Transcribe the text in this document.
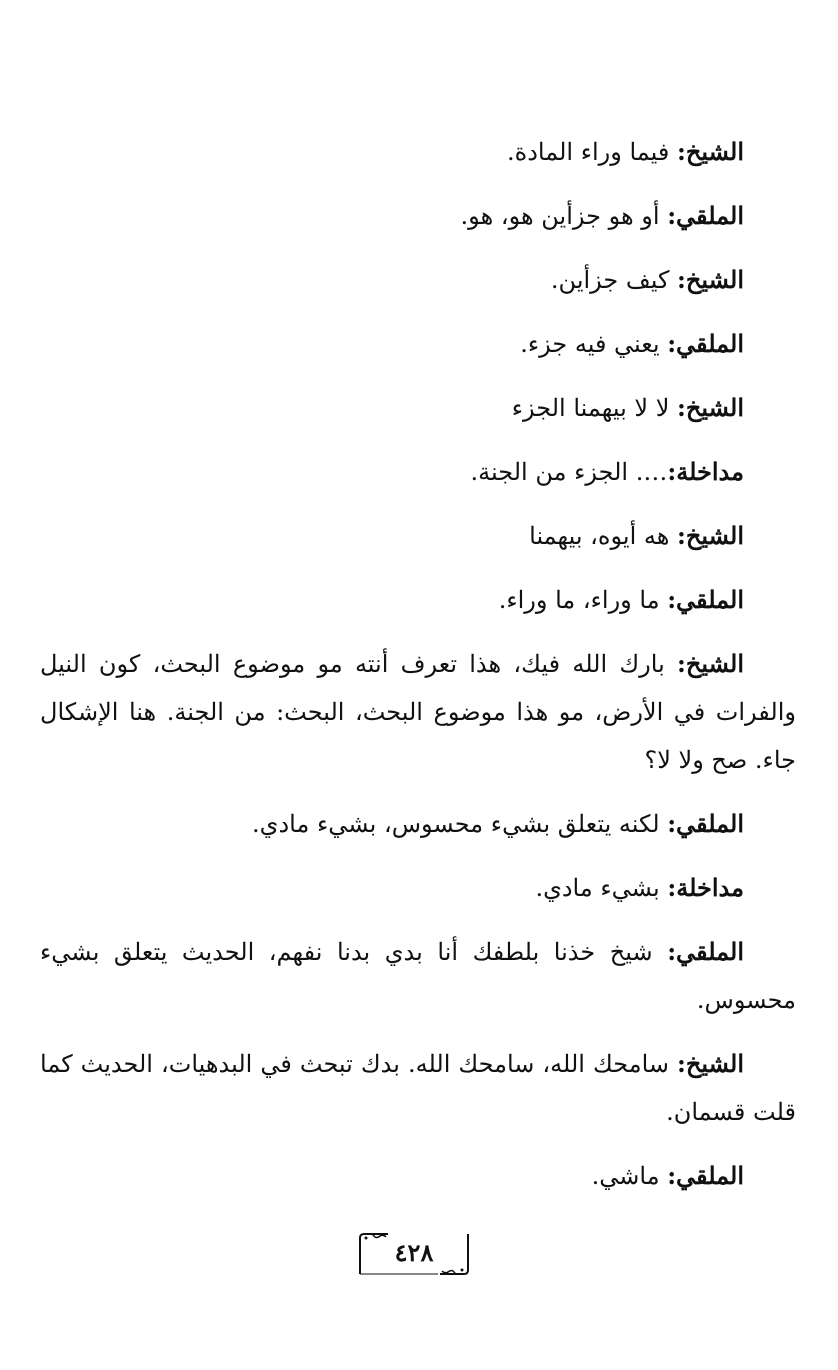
الشيخ: فيما وراء المادة.

الملقي: أو هو جزأين هو، هو.

الشيخ: كيف جزأين.

الملقي: يعني فيه جزء.

الشيخ: لا لا بيهمنا الجزء

مداخلة:…. الجزء من الجنة.

الشيخ: هه أيوه، بيهمنا

الملقي: ما وراء، ما وراء.

الشيخ: بارك الله فيك، هذا تعرف أنته مو موضوع البحث، كون النيل والفرات في الأرض، مو هذا موضوع البحث، البحث: من الجنة. هنا الإشكال جاء. صح ولا لا؟

الملقي: لكنه يتعلق بشيء محسوس، بشيء مادي.

مداخلة: بشيء مادي.

الملقي: شيخ خذنا بلطفك أنا بدي بدنا نفهم، الحديث يتعلق بشيء محسوس.

الشيخ: سامحك الله، سامحك الله. بدك تبحث في البدهيات، الحديث كما قلت قسمان.

الملقي: ماشي.

٤٢٨
